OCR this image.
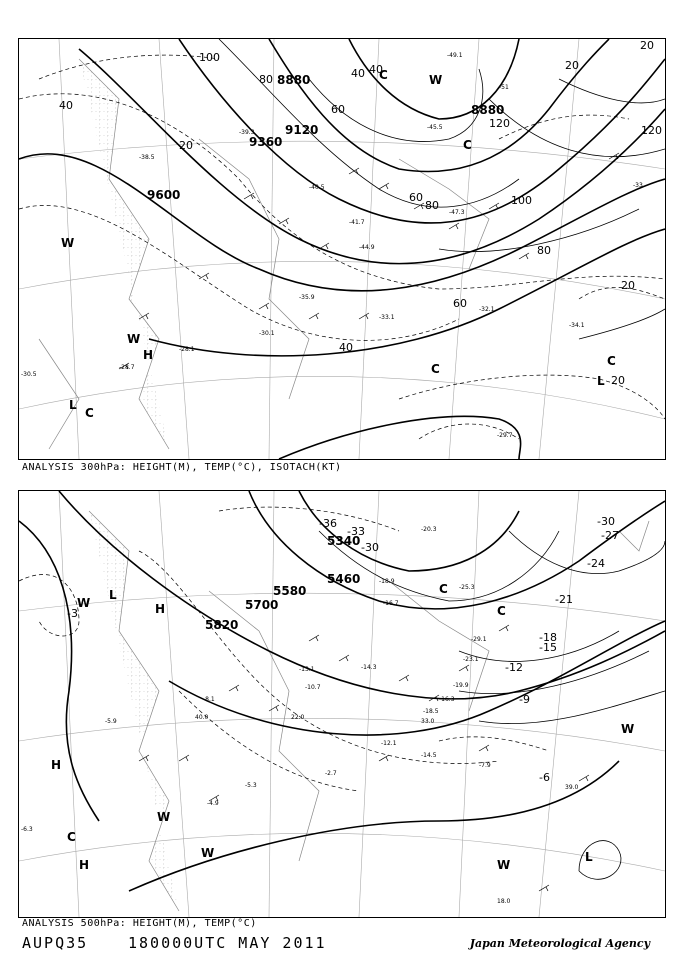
9600
9360
9120
8880
8880
100
80
60
40
20
40
60
80	100
120
120
80
60
40
20
20
20
40
20
W
W
H
L
C
C
C
C
L
C	W
-38.5
-39.3
-41.7
-44.9
-45.5
-47.3
-33.1
-32.1
-30.1
-28.1
-28.7
-30.5
-29.7
-49.1
-51
-34.1
-33
-35.9
-40.5
ANALYSIS 300hPa: HEIGHT(M), TEMP(°C), ISOTACH(KT)
5820
5700
5580
5460
5340
-3
-6
-9
-12
-15
-18
-21
-24
-30
-33
-36
-27
-30
W
L
H
H
C
H
W
W
C
W
W
L
C
-12.1
-14.3
-16.3
-18.9
-20.3
-23.1
-25.3
-7.9
-6.3
-4.9
-5.9
-2.7
-5.3
-8.1
-10.7	-19.9
-16.7
40.0
39.0
18.0
22.0
33.0
-18.5
-14.5
-13.1
-29.1
ANALYSIS 500hPa: HEIGHT(M), TEMP(°C)
AUPQ35	180000UTC MAY 2011	Japan Meteorological Agency
